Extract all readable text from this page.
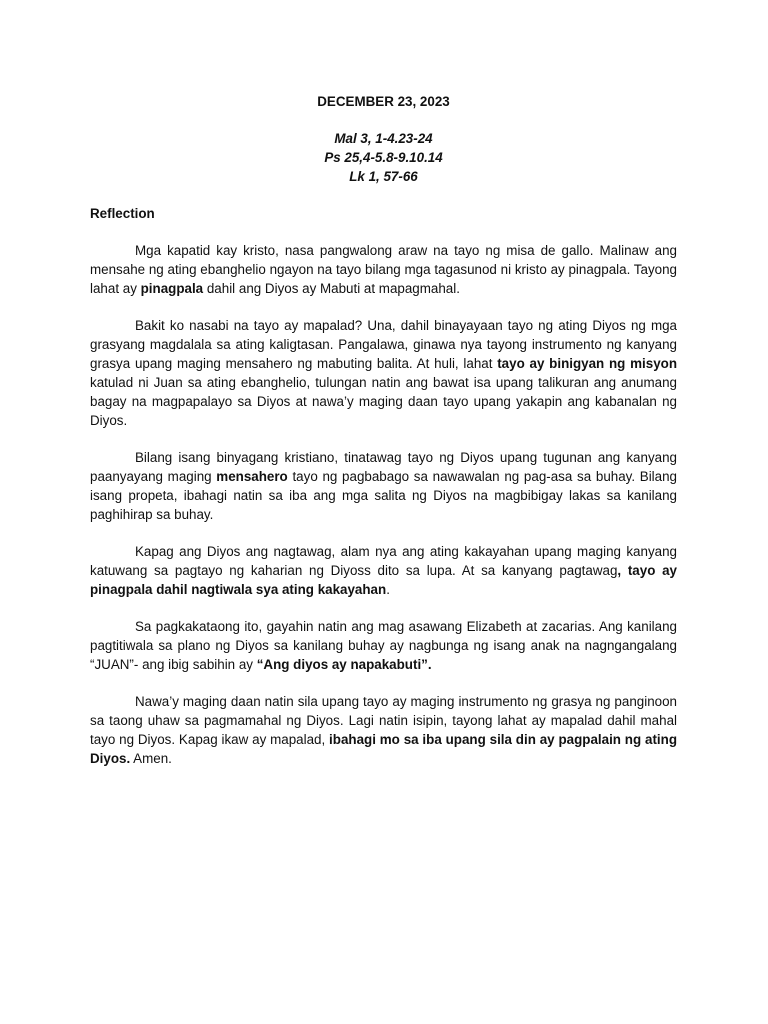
DECEMBER 23, 2023
Mal 3, 1-4.23-24
Ps 25,4-5.8-9.10.14
Lk 1, 57-66
Reflection

Mga kapatid kay kristo, nasa pangwalong araw na tayo ng misa de gallo. Malinaw ang mensahe ng ating ebanghelio ngayon na tayo bilang mga tagasunod ni kristo ay pinagpala. Tayong lahat ay pinagpala dahil ang Diyos ay Mabuti at mapagmahal.

Bakit ko nasabi na tayo ay mapalad? Una, dahil binayayaan tayo ng ating Diyos ng mga grasyang magdalala sa ating kaligtasan. Pangalawa, ginawa nya tayong instrumento ng kanyang grasya upang maging mensahero ng mabuting balita. At huli, lahat tayo ay binigyan ng misyon katulad ni Juan sa ating ebanghelio, tulungan natin ang bawat isa upang talikuran ang anumang bagay na magpapalayo sa Diyos at nawa’y maging daan tayo upang yakapin ang kabanalan ng Diyos.

Bilang isang binyagang kristiano, tinatawag tayo ng Diyos upang tugunan ang kanyang paanyayang maging mensahero tayo ng pagbabago sa nawawalan ng pag-asa sa buhay. Bilang isang propeta, ibahagi natin sa iba ang mga salita ng Diyos na magbibigay lakas sa kanilang paghihirap sa buhay.

Kapag ang Diyos ang nagtawag, alam nya ang ating kakayahan upang maging kanyang katuwang sa pagtayo ng kaharian ng Diyoss dito sa lupa. At sa kanyang pagtawag, tayo ay pinagpala dahil nagtiwala sya ating kakayahan.

Sa pagkakataong ito, gayahin natin ang mag asawang Elizabeth at zacarias. Ang kanilang pagtitiwala sa plano ng Diyos sa kanilang buhay ay nagbunga ng isang anak na nagngangalang “JUAN”- ang ibig sabihin ay “Ang diyos ay napakabuti”.

Nawa’y maging daan natin sila upang tayo ay maging instrumento ng grasya ng panginoon sa taong uhaw sa pagmamahal ng Diyos. Lagi natin isipin, tayong lahat ay mapalad dahil mahal tayo ng Diyos. Kapag ikaw ay mapalad, ibahagi mo sa iba upang sila din ay pagpalain ng ating Diyos. Amen.
